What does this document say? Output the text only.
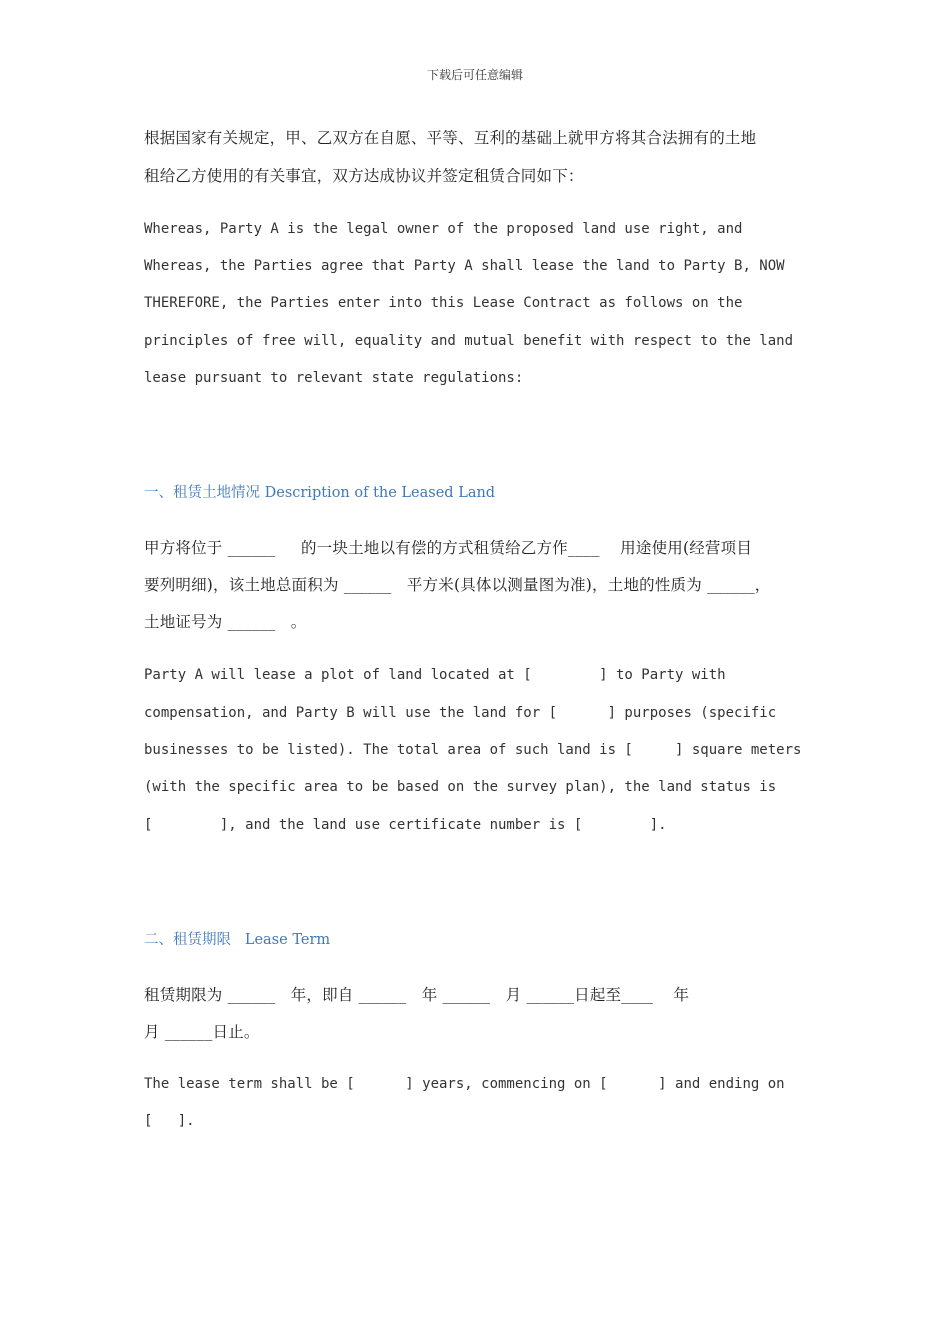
下载后可任意编辑
根据国家有关规定，甲、乙双方在自愿、平等、互利的基础上就甲方将其合法拥有的土地
租给乙方使用的有关事宜，双方达成协议并签定租赁合同如下：
Whereas, Party A is the legal owner of the proposed land use right, and
Whereas, the Parties agree that Party A shall lease the land to Party B, NOW
THEREFORE, the Parties enter into this Lease Contract as follows on the
principles of free will, equality and mutual benefit with respect to the land
lease pursuant to relevant state regulations:
一、租赁土地情况 Description of the Leased Land
甲方将位于 ______     的一块土地以有偿的方式租赁给乙方作____    用途使用(经营项目
要列明细)，该土地总面积为 ______   平方米(具体以测量图为准)，土地的性质为 ______，
土地证号为 ______   。
Party A will lease a plot of land located at [        ] to Party with
compensation, and Party B will use the land for [      ] purposes (specific
businesses to be listed). The total area of such land is [     ] square meters
(with the specific area to be based on the survey plan), the land status is
[        ], and the land use certificate number is [        ].
二、租赁期限   Lease Term
租赁期限为 ______   年，即自 ______   年 ______   月 ______日起至____    年
月 ______日止。
The lease term shall be [      ] years, commencing on [      ] and ending on
[   ].
